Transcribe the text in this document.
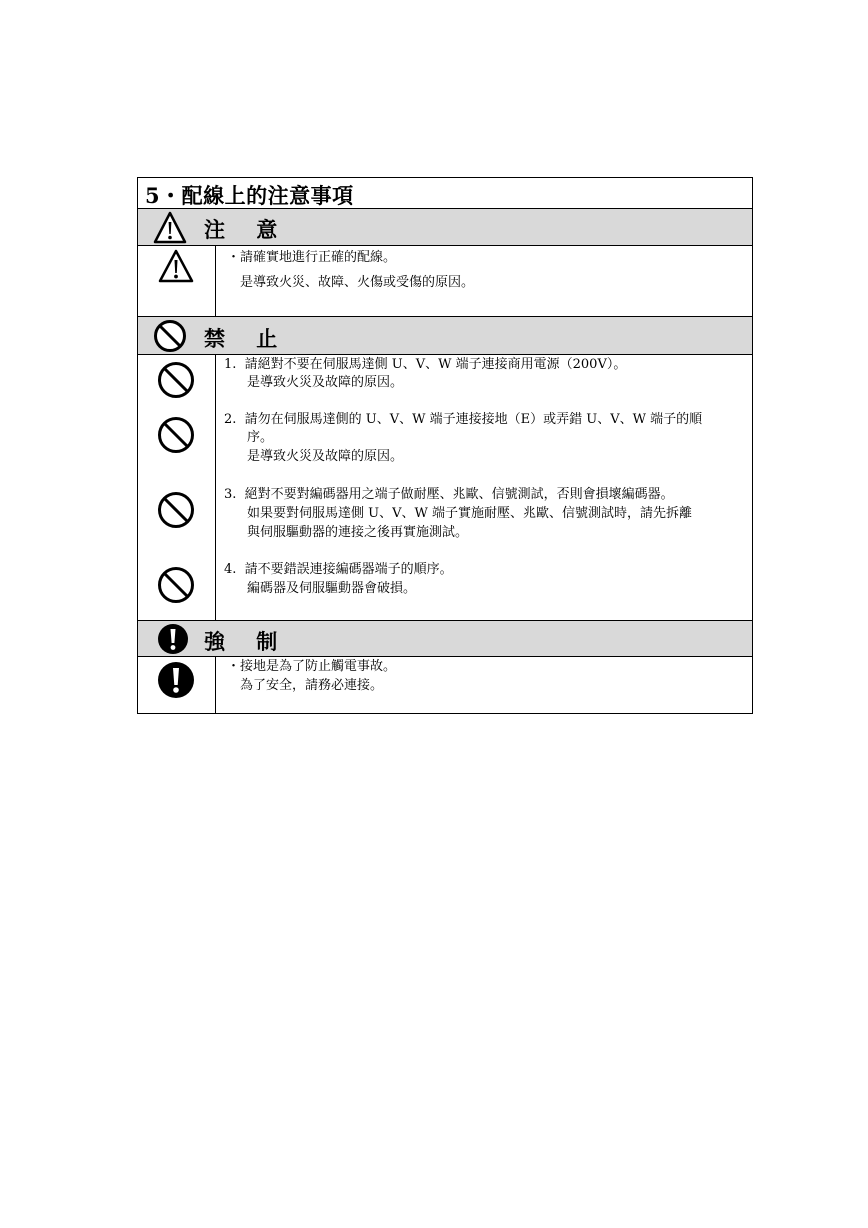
5・配線上的注意事項
注 意
・請確實地進行正確的配線。
是導致火災、故障、火傷或受傷的原因。
禁 止
1.  請絕對不要在伺服馬達側 U、V、W 端子連接商用電源（200V）。
是導致火災及故障的原因。
2.  請勿在伺服馬達側的 U、V、W 端子連接接地（E）或弄錯 U、V、W 端子的順
序。
是導致火災及故障的原因。
3.  絕對不要對編碼器用之端子做耐壓、兆歐、信號測試，否則會損壞編碼器。
如果要對伺服馬達側 U、V、W 端子實施耐壓、兆歐、信號測試時，請先拆離
與伺服驅動器的連接之後再實施測試。
4.  請不要錯誤連接編碼器端子的順序。
編碼器及伺服驅動器會破損。
強 制
・接地是為了防止觸電事故。
為了安全，請務必連接。
